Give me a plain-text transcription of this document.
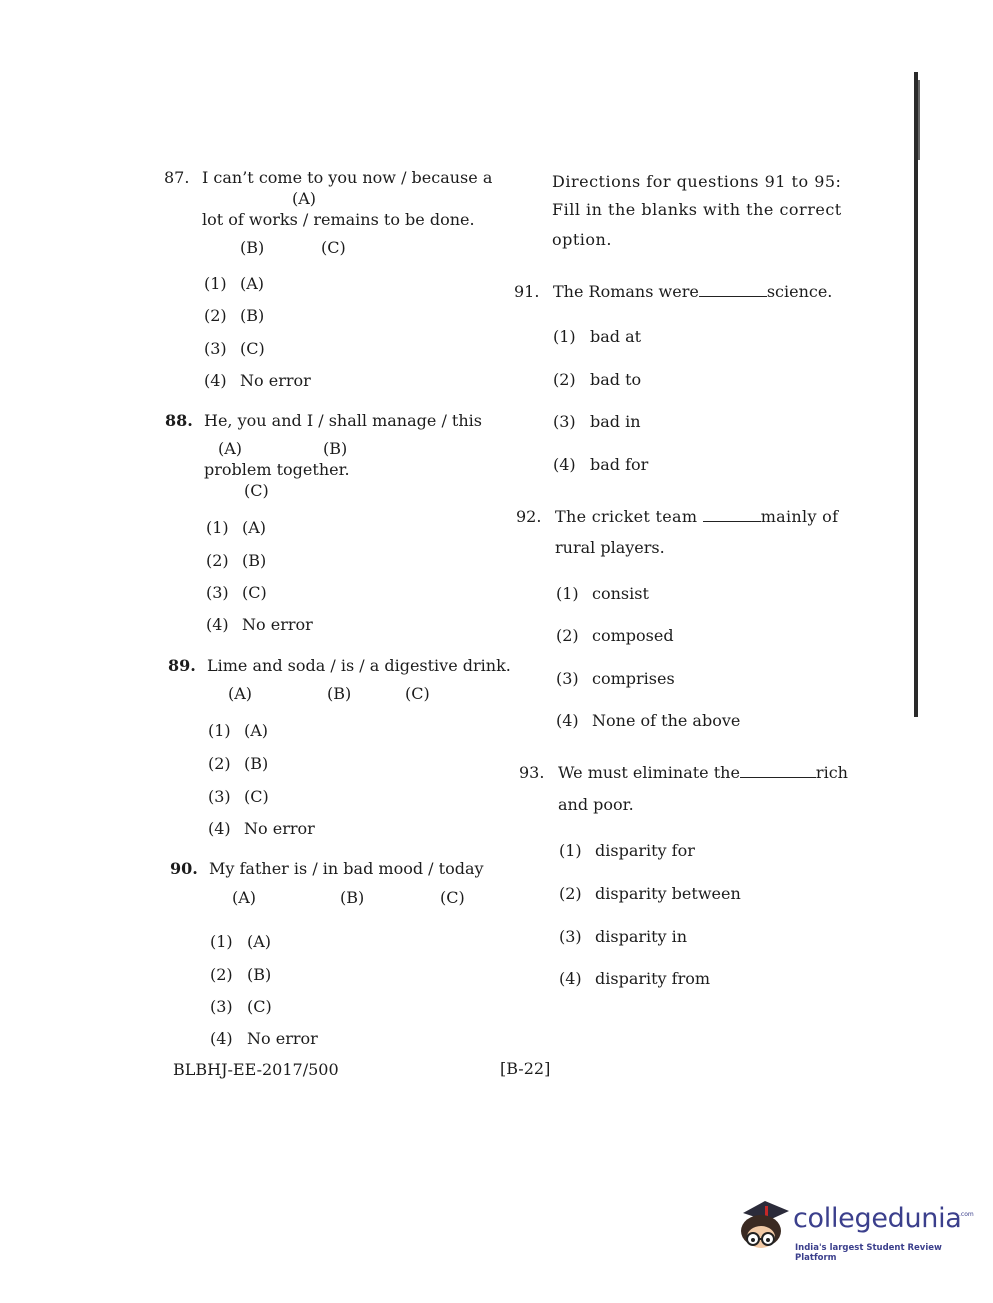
87. I can’t come to you now / because a
(A)
lot of works / remains to be done.
(B)	(C)
(1) (A)
(2) (B)
(3) (C)
(4) No error
88. He, you and I / shall manage / this
(A)	(B)
problem together.
(C)
(1) (A)
(2) (B)
(3) (C)
(4) No error
89. Lime and soda / is / a digestive drink.
(A)	(B)	(C)
(1) (A)
(2) (B)
(3) (C)
(4) No error
90. My father is / in bad mood / today
(A)	(B)	(C)
(1) (A)
(2) (B)
(3) (C)
(4) No error
Directions for questions 91 to 95:
Fill in the blanks with the correct
option.
91. The Romans were	science.
(1) bad at
(2) bad to
(3) bad in
(4) bad for
92. The cricket team	mainly of
rural players.
(1) consist
(2) composed
(3) comprises
(4) None of the above
93. We must eliminate the	rich
and poor.
(1) disparity for
(2) disparity between
(3) disparity in
(4) disparity from
BLBHJ-EE-2017/500	[B-22]
collegedunia
.com
India's largest Student Review Platform
